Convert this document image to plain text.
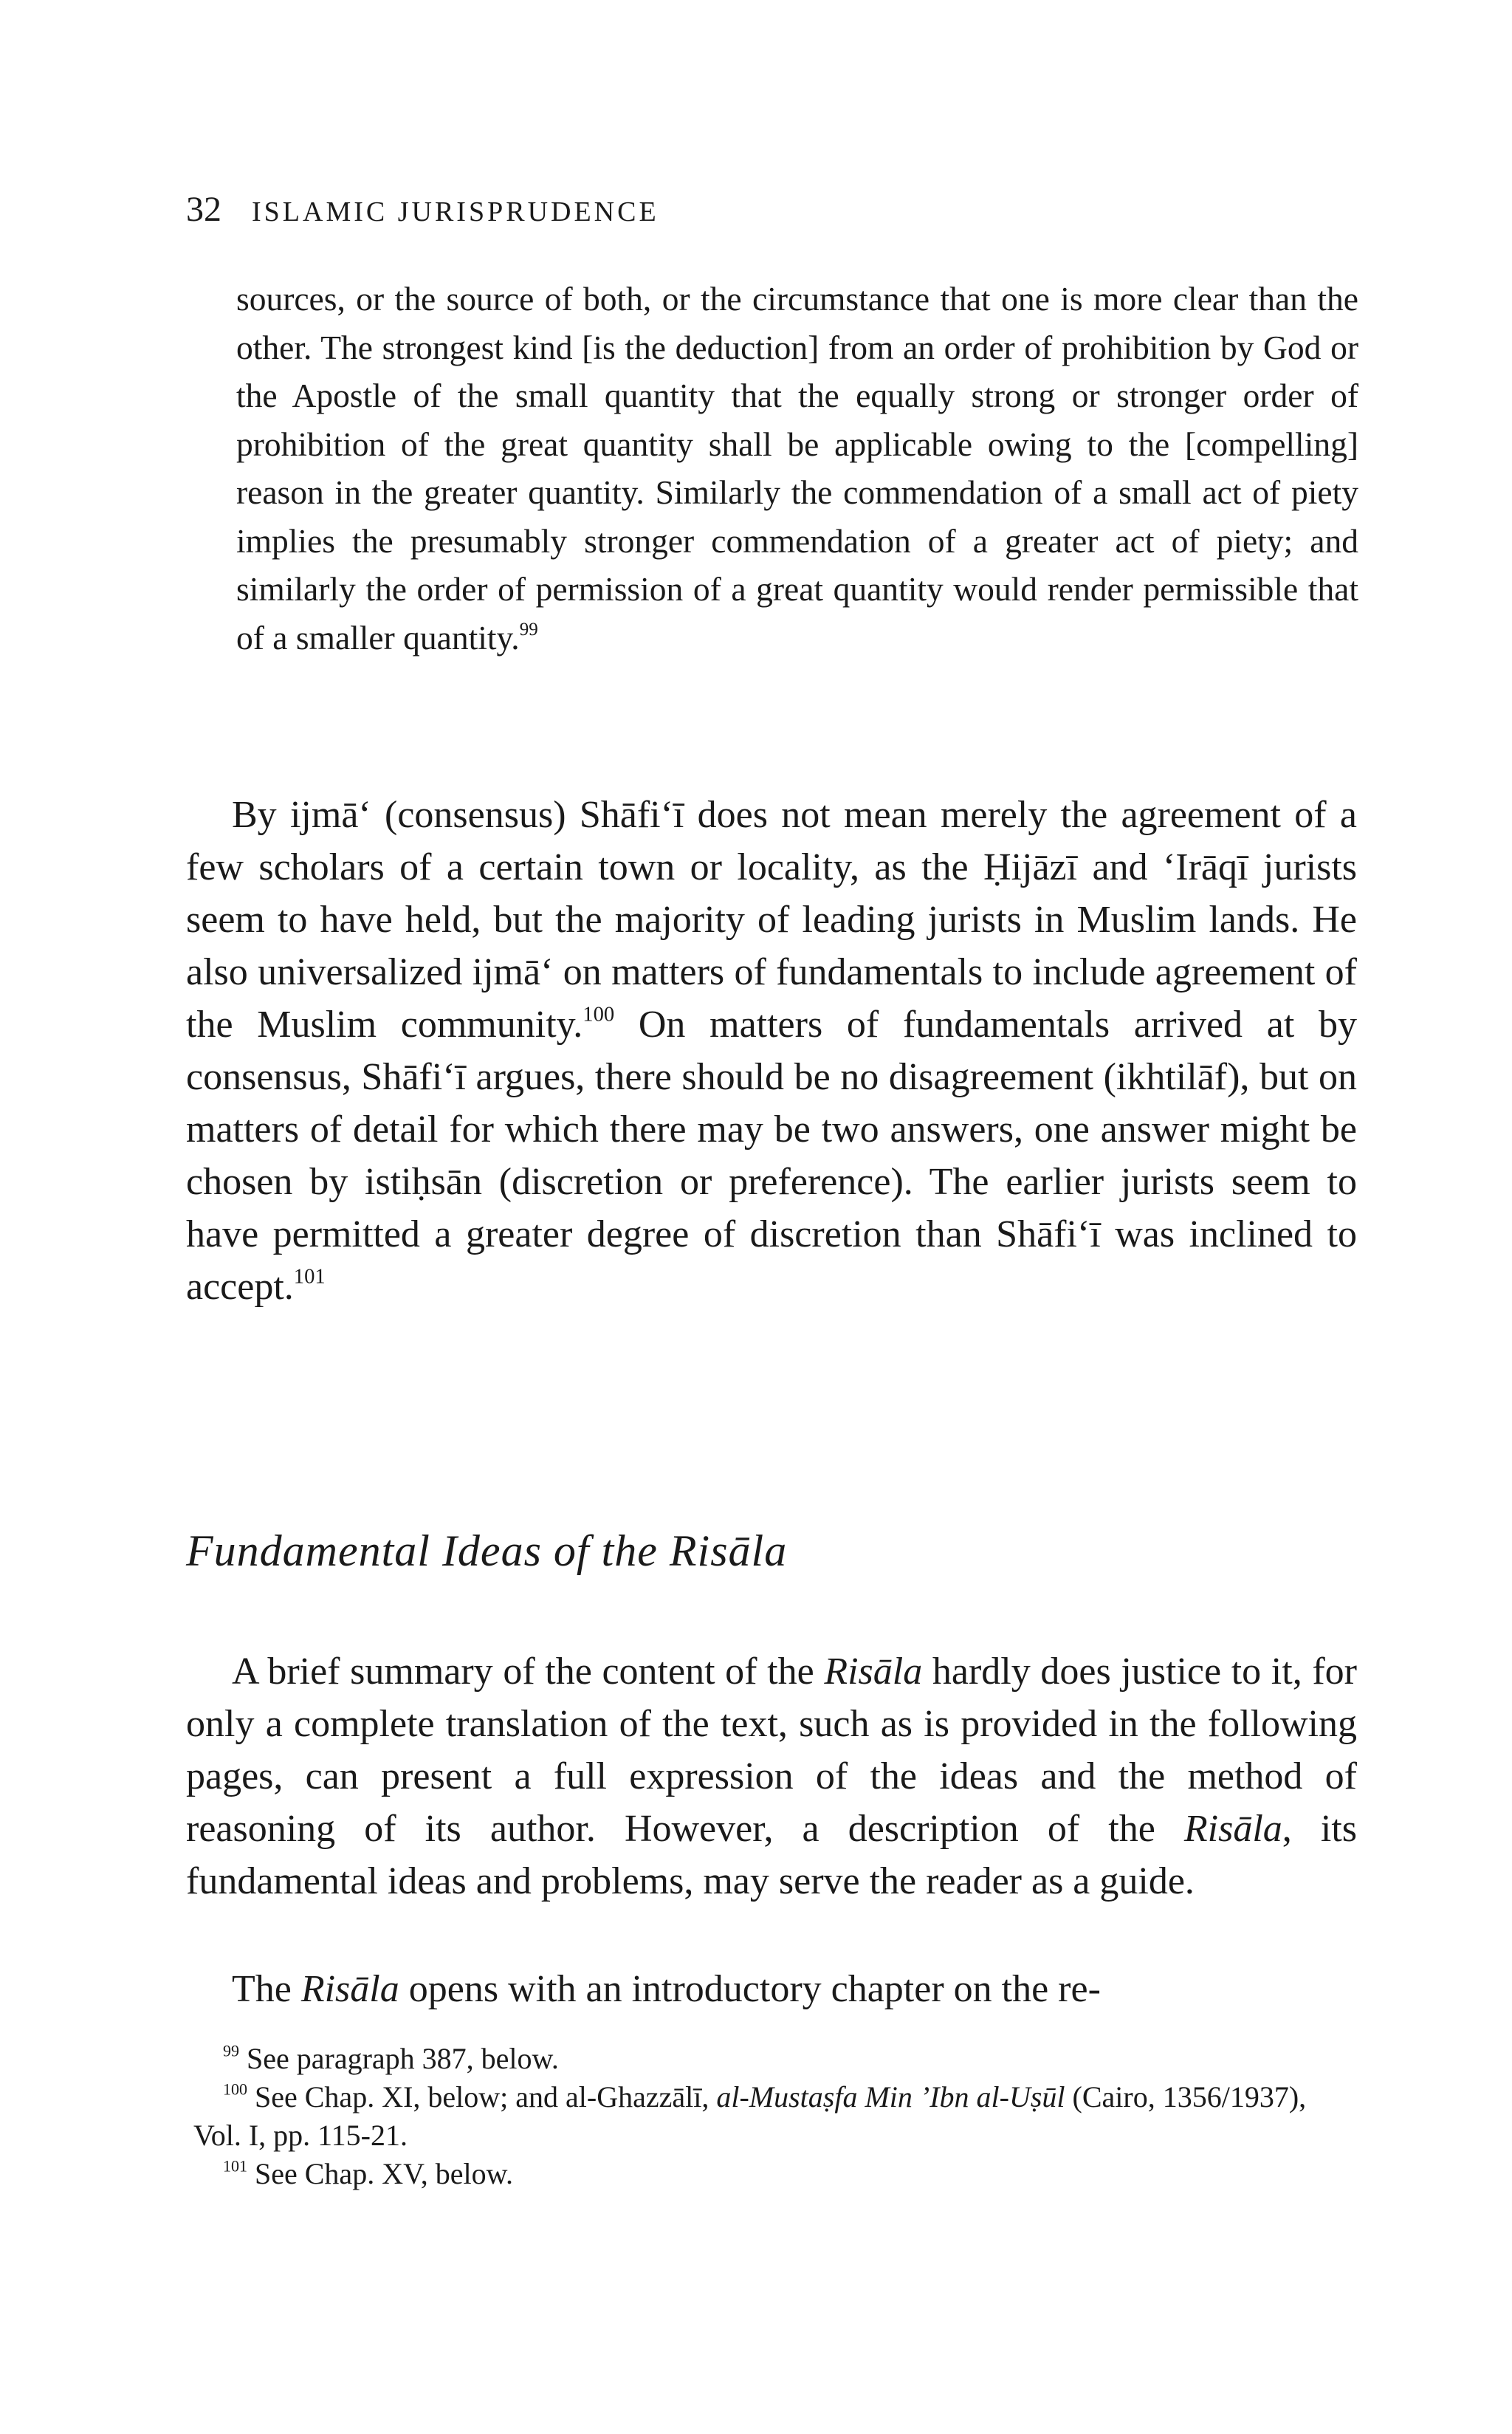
32 ISLAMIC JURISPRUDENCE
sources, or the source of both, or the circumstance that one is more clear than the other. The strongest kind [is the deduction] from an order of prohibition by God or the Apostle of the small quantity that the equally strong or stronger order of prohibition of the great quantity shall be applicable owing to the [compelling] reason in the greater quantity. Similarly the commendation of a small act of piety implies the presumably stronger commendation of a greater act of piety; and similarly the order of permission of a great quantity would render permissible that of a smaller quantity.$^{99}$
By ijmā‘ (consensus) Shāfi‘ī does not mean merely the agreement of a few scholars of a certain town or locality, as the Ḥijāzī and ‘Irāqī jurists seem to have held, but the majority of leading jurists in Muslim lands. He also universalized ijmā‘ on matters of fundamentals to include agreement of the Muslim community.$^{100}$ On matters of fundamentals arrived at by consensus, Shāfi‘ī argues, there should be no disagreement (ikhtilāf), but on matters of detail for which there may be two answers, one answer might be chosen by istiḥsān (discretion or preference). The earlier jurists seem to have permitted a greater degree of discretion than Shāfi‘ī was inclined to accept.$^{101}$
Fundamental Ideas of the Risāla
A brief summary of the content of the Risāla hardly does justice to it, for only a complete translation of the text, such as is provided in the following pages, can present a full expression of the ideas and the method of reasoning of its author. However, a description of the Risāla, its fundamental ideas and problems, may serve the reader as a guide.
The Risāla opens with an introductory chapter on the re-
$^{99}$ See paragraph 387, below.
$^{100}$ See Chap. XI, below; and al-Ghazzālī, al-Mustaṣfa Min ’Ibn al-Uṣūl (Cairo, 1356/1937), Vol. I, pp. 115-21.
$^{101}$ See Chap. XV, below.
